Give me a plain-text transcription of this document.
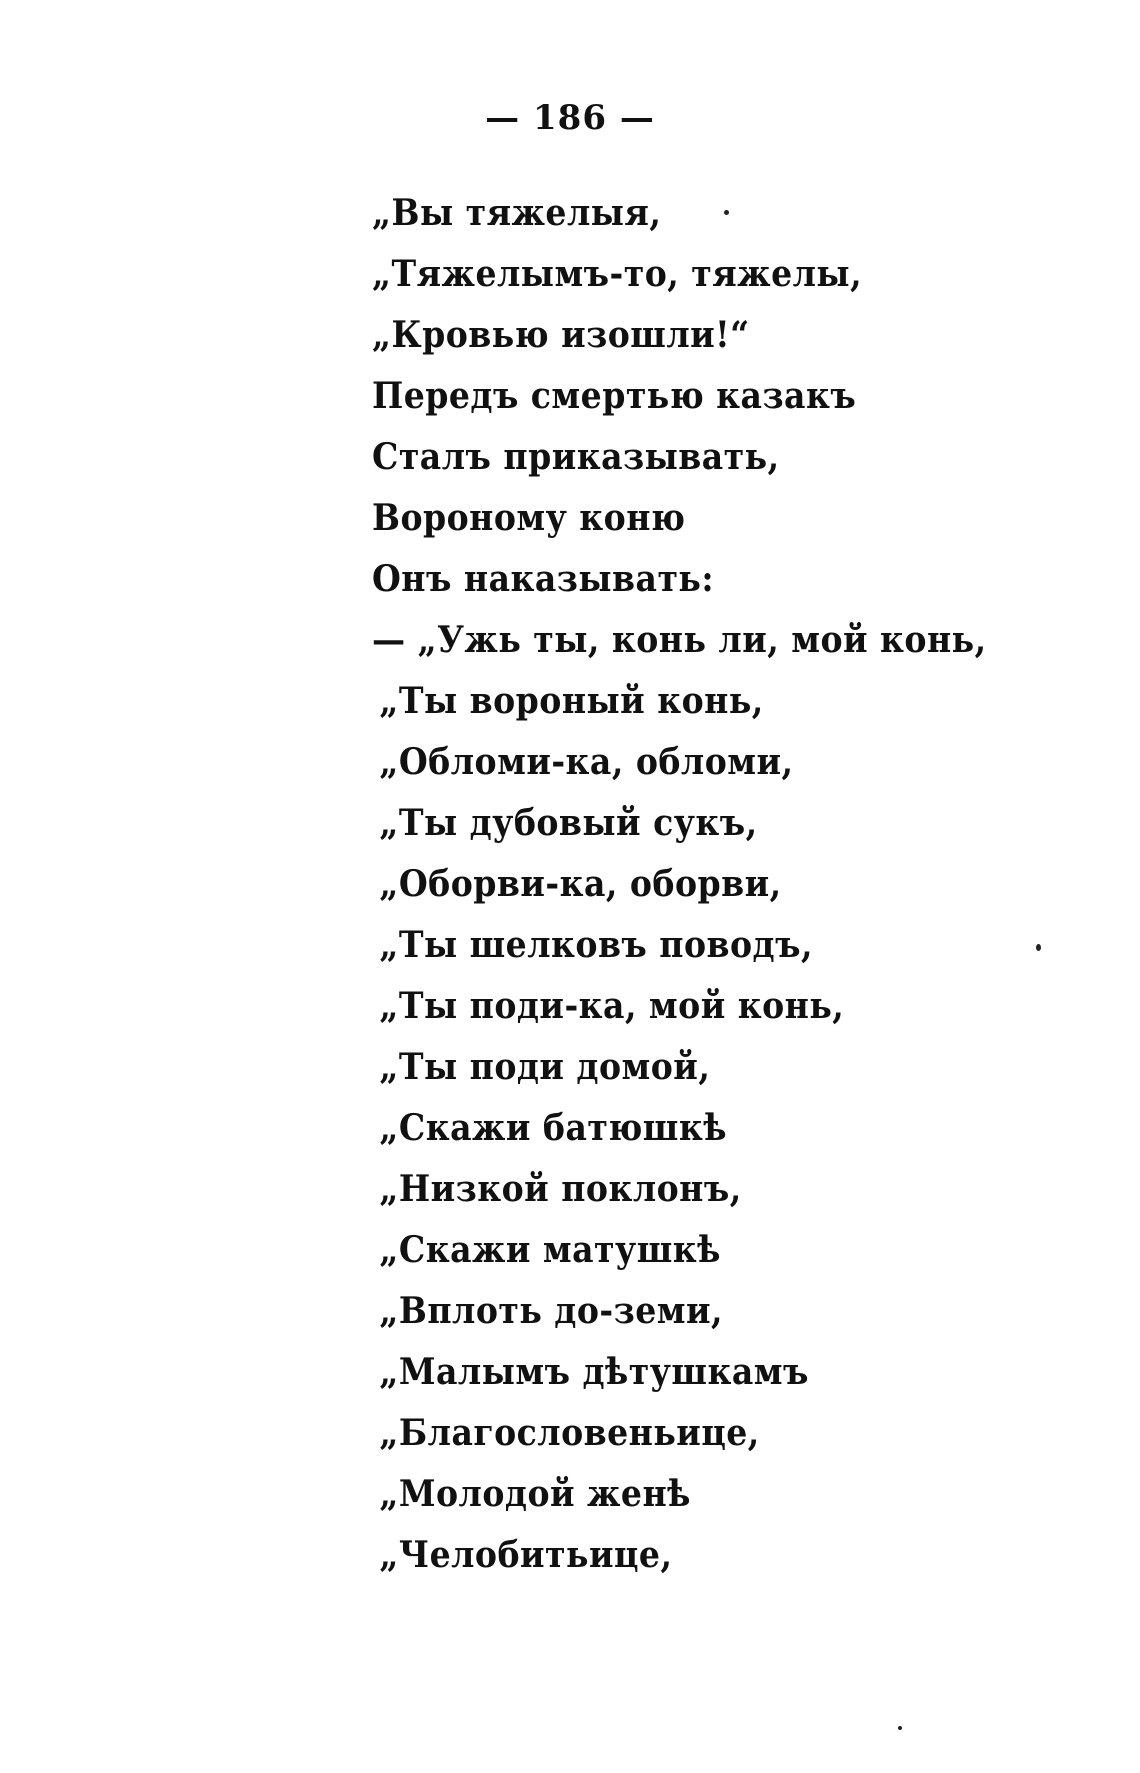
— 186 —
„Вы тяжелыя,
„Тяжелымъ-то, тяжелы,
„Кровью изошли!“
Передъ смертью казакъ
Сталъ приказывать,
Вороному коню
Онъ наказывать:
— „Ужь ты, конь ли, мой конь,
„Ты вороный конь,
„Обломи-ка, обломи,
„Ты дубовый сукъ,
„Оборви-ка, оборви,
„Ты шелковъ поводъ,
„Ты поди-ка, мой конь,
„Ты поди домой,
„Скажи батюшкѣ
„Низкой поклонъ,
„Скажи матушкѣ
„Вплоть до-земи,
„Малымъ дѣтушкамъ
„Благословеньице,
„Молодой женѣ
„Челобитьице,
